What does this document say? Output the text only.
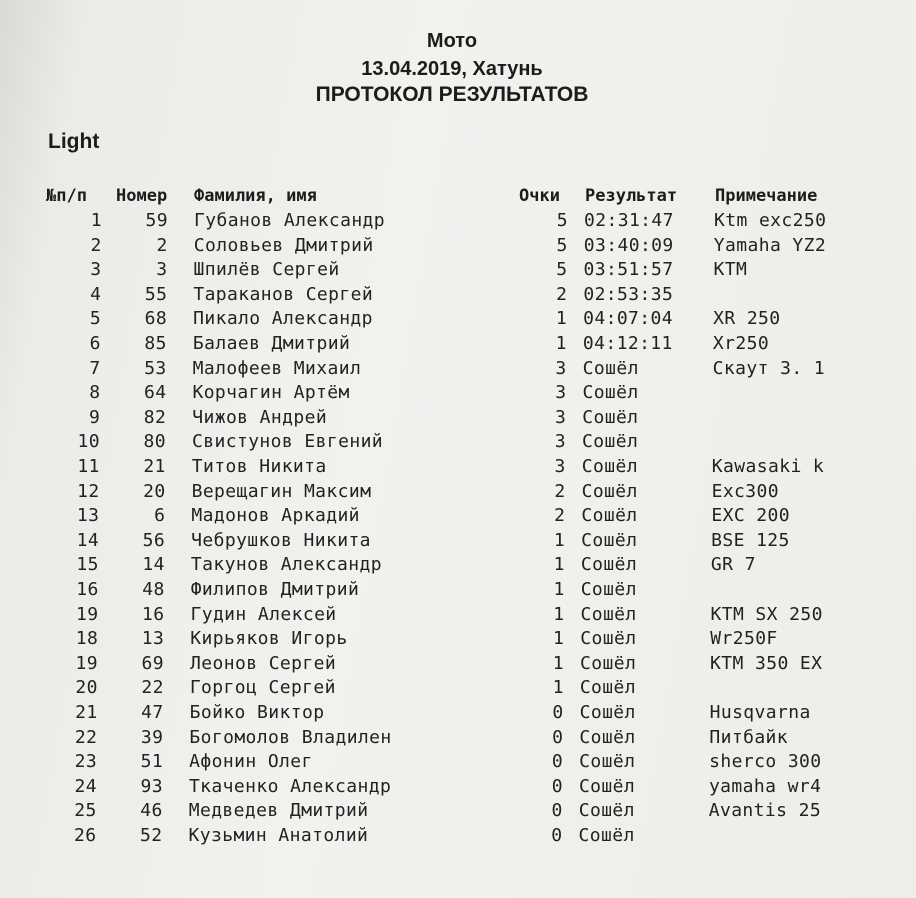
Мото
13.04.2019, Хатунь
ПРОТОКОЛ РЕЗУЛЬТАТОВ
Light
№п/п Номер Фамилия, имя	Очки Результат Примечание
1	59 Губанов Александр	5 02:31:47	Ktm exc250
2	2 Соловьев Дмитрий	5 03:40:09	Yamaha YZ2
3	3 Шпилёв Сергей	5 03:51:57	KTM
4	55 Тараканов Сергей	2 02:53:35
5	68 Пикало Александр	1 04:07:04	XR 250
6	85 Балаев Дмитрий	1 04:12:11	Xr250
7	53 Малофеев Михаил	3 Сошёл	Скаут 3. 1
8	64 Корчагин Артём	3 Сошёл
9	82 Чижов Андрей	3 Сошёл
10	80 Свистунов Евгений	3 Сошёл
11	21 Титов Никита	3 Сошёл	Kawasaki k
12	20 Верещагин Максим	2 Сошёл	Exc300
13	6 Мадонов Аркадий	2 Сошёл	EXC 200
14	56 Чебрушков Никита	1 Сошёл	BSE 125
15	14 Такунов Александр	1 Сошёл	GR 7
16	48 Филипов Дмитрий	1 Сошёл
19	16 Гудин Алексей	1 Сошёл	KTM SX 250
18	13 Кирьяков Игорь	1 Сошёл	Wr250F
19	69 Леонов Сергей	1 Сошёл	KTM 350 EX
20	22 Горгоц Сергей	1 Сошёл
21	47 Бойко Виктор	0 Сошёл	Husqvarna
22	39 Богомолов Владилен	0 Сошёл	Питбайк
23	51 Афонин Олег	0 Сошёл	sherco 300
24	93 Ткаченко Александр	0 Сошёл	yamaha wr4
25	46 Медведев Дмитрий	0 Сошёл	Avantis 25
26	52 Кузьмин Анатолий	0 Сошёл
